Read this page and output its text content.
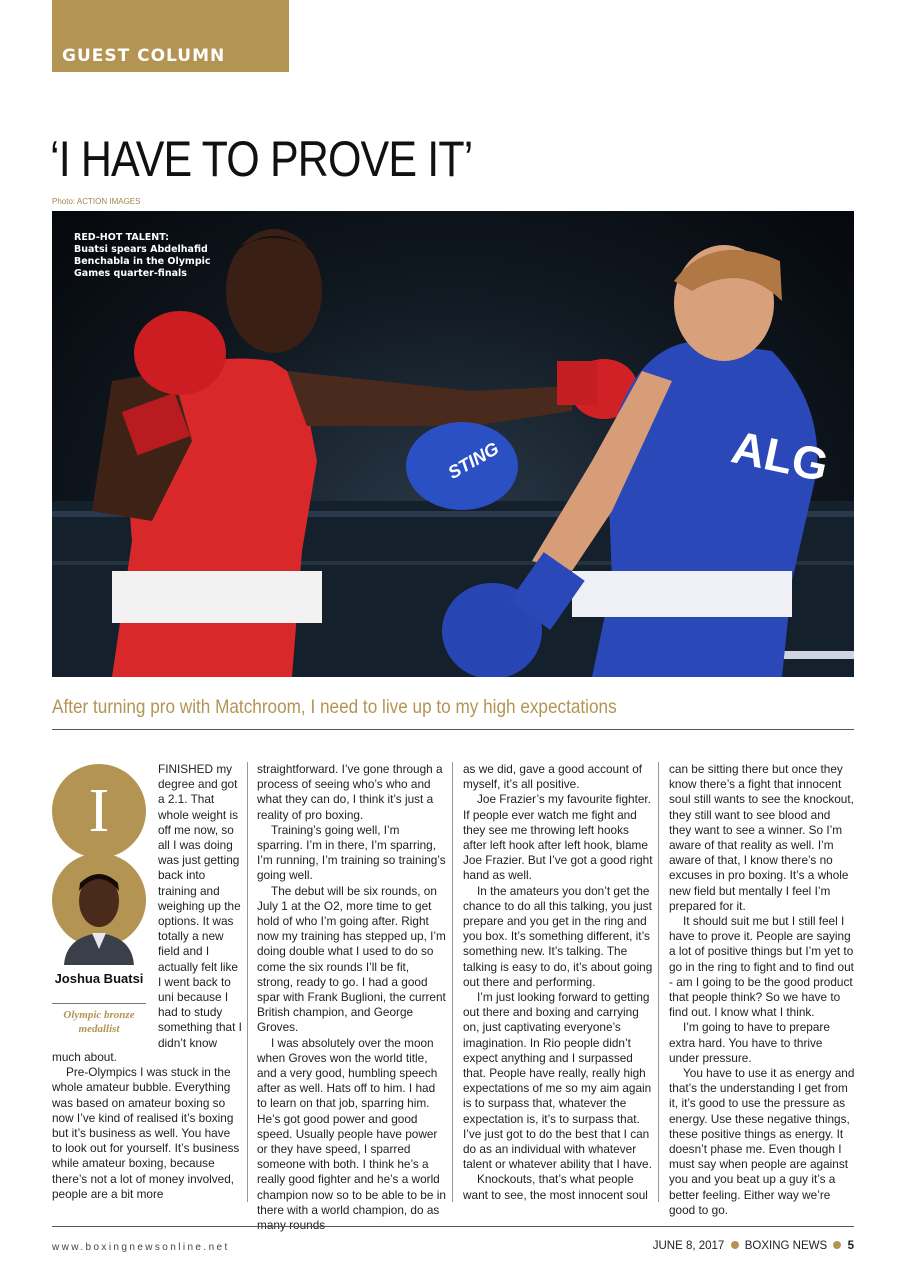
GUEST COLUMN
‘I HAVE TO PROVE IT’
Photo: ACTION IMAGES
ALG
STING
RED-HOT TALENT:
Buatsi spears Abdelhafid
Benchabla in the Olympic
Games quarter-finals
After turning pro with Matchroom, I need to live up to my high expectations
I
Joshua Buatsi
Olympic bronze medallist

FINISHED my degree and got a 2.1. That whole weight is off me now, so all I was doing was just getting back into training and weighing up the options. It was totally a new field and I actually felt like I went back to uni because I had to study something that I didn’t know

much about.

Pre-Olympics I was stuck in the whole amateur bubble. Everything was based on amateur boxing so now I’ve kind of realised it’s boxing but it’s business as well. You have to look out for yourself. It’s business while amateur boxing, because there’s not a lot of money involved, people are a bit more

straightforward. I’ve gone through a process of seeing who’s who and what they can do, I think it’s just a reality of pro boxing.

Training’s going well, I’m sparring. I’m in there, I’m sparring, I’m running, I’m training so training’s going well.

The debut will be six rounds, on July 1 at the O2, more time to get hold of who I’m going after. Right now my training has stepped up, I’m doing double what I used to do so come the six rounds I’ll be fit, strong, ready to go. I had a good spar with Frank Buglioni, the current British champion, and George Groves.

I was absolutely over the moon when Groves won the world title, and a very good, humbling speech after as well. Hats off to him. I had to learn on that job, sparring him. He’s got good power and good speed. Usually people have power or they have speed, I sparred someone with both. I think he’s a really good fighter and he’s a world champion now so to be able to be in there with a world champion, do as

as we did, gave a good account of myself, it’s all positive.

Joe Frazier’s my favourite fighter. If people ever watch me fight and they see me throwing left hooks after left hook after left hook, blame Joe Frazier. But I’ve got a good right hand as well.

In the amateurs you don’t get the chance to do all this talking, you just prepare and you get in the ring and you box. It’s something different, it’s something new. It’s talking. The talking is easy to do, it’s about going out there and performing.

I’m just looking forward to getting out there and boxing and carrying on, just captivating everyone’s imagination. In Rio people didn’t expect anything and I surpassed that. People have really, really high expectations of me so my aim again is to surpass that, whatever the expectation is, it’s to surpass that. I’ve just got to do the best that I can do as an individual with whatever talent or whatever ability that I have.

Knockouts, that’s what people want to see, the most innocent soul

can be sitting there but once they know there’s a fight that innocent soul still wants to see the knockout, they still want to see blood and they want to see a winner. So I’m aware of that reality as well. I’m aware of that, I know there’s no excuses in pro boxing. It’s a whole new field but mentally I feel I’m prepared for it.

It should suit me but I still feel I have to prove it. People are saying a lot of positive things but I’m yet to go in the ring to fight and to find out - am I going to be the good product that people think? So we have to find out. I know what I think.

I’m going to have to prepare extra hard. You have to thrive under pressure.

You have to use it as energy and that’s the understanding I get from it, it’s good to use the pressure as energy. Use these negative things, these positive things as energy. It doesn’t phase me. Even though I must say when people are against you and you beat up a guy it’s a better feeling. Either way we’re good to go.

www.boxingnewsonline.net	JUNE 8, 2017 BOXING NEWS 5
